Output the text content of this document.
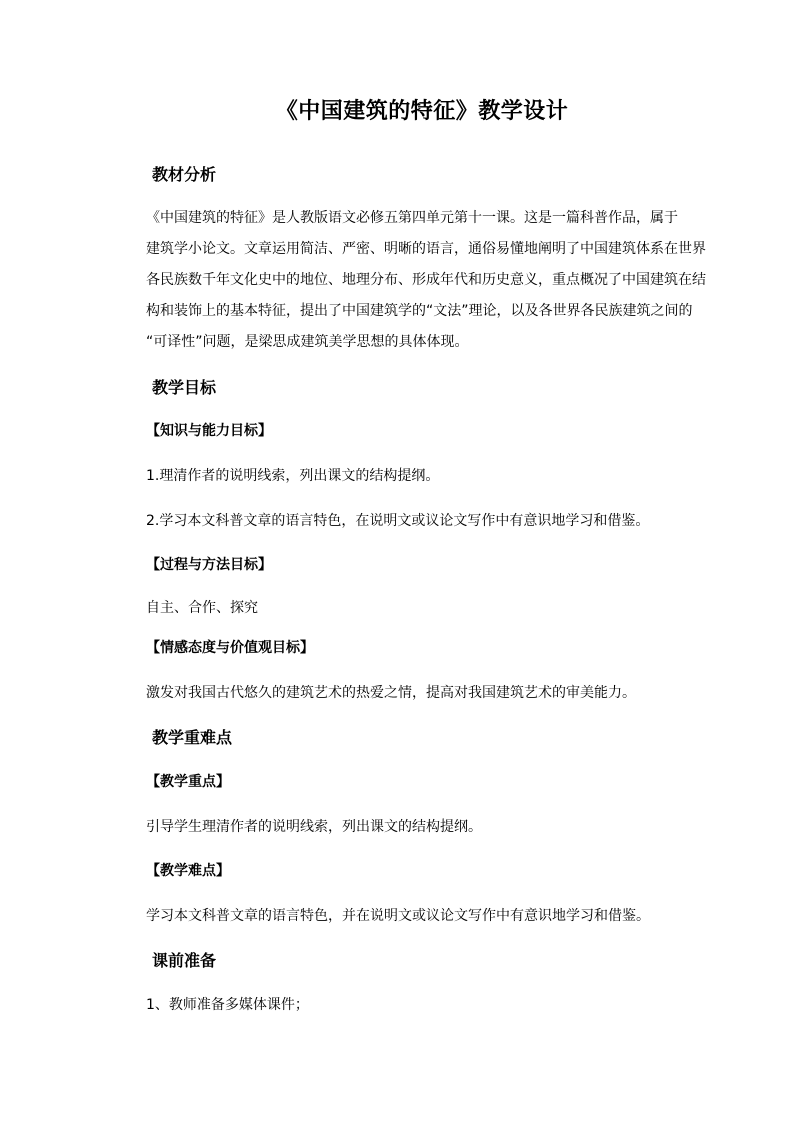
《中国建筑的特征》教学设计
教材分析
《中国建筑的特征》是人教版语文必修五第四单元第十一课。这是一篇科普作品，属于
建筑学小论文。文章运用简洁、严密、明晰的语言，通俗易懂地阐明了中国建筑体系在世界
各民族数千年文化史中的地位、地理分布、形成年代和历史意义，重点概况了中国建筑在结
构和装饰上的基本特征，提出了中国建筑学的“文法”理论，以及各世界各民族建筑之间的
“可译性”问题，是梁思成建筑美学思想的具体体现。
教学目标
【知识与能力目标】
1.理清作者的说明线索，列出课文的结构提纲。
2.学习本文科普文章的语言特色，在说明文或议论文写作中有意识地学习和借鉴。
【过程与方法目标】
自主、合作、探究
【情感态度与价值观目标】
激发对我国古代悠久的建筑艺术的热爱之情，提高对我国建筑艺术的审美能力。
教学重难点
【教学重点】
引导学生理清作者的说明线索，列出课文的结构提纲。
【教学难点】
学习本文科普文章的语言特色，并在说明文或议论文写作中有意识地学习和借鉴。
课前准备
1、教师准备多媒体课件；
